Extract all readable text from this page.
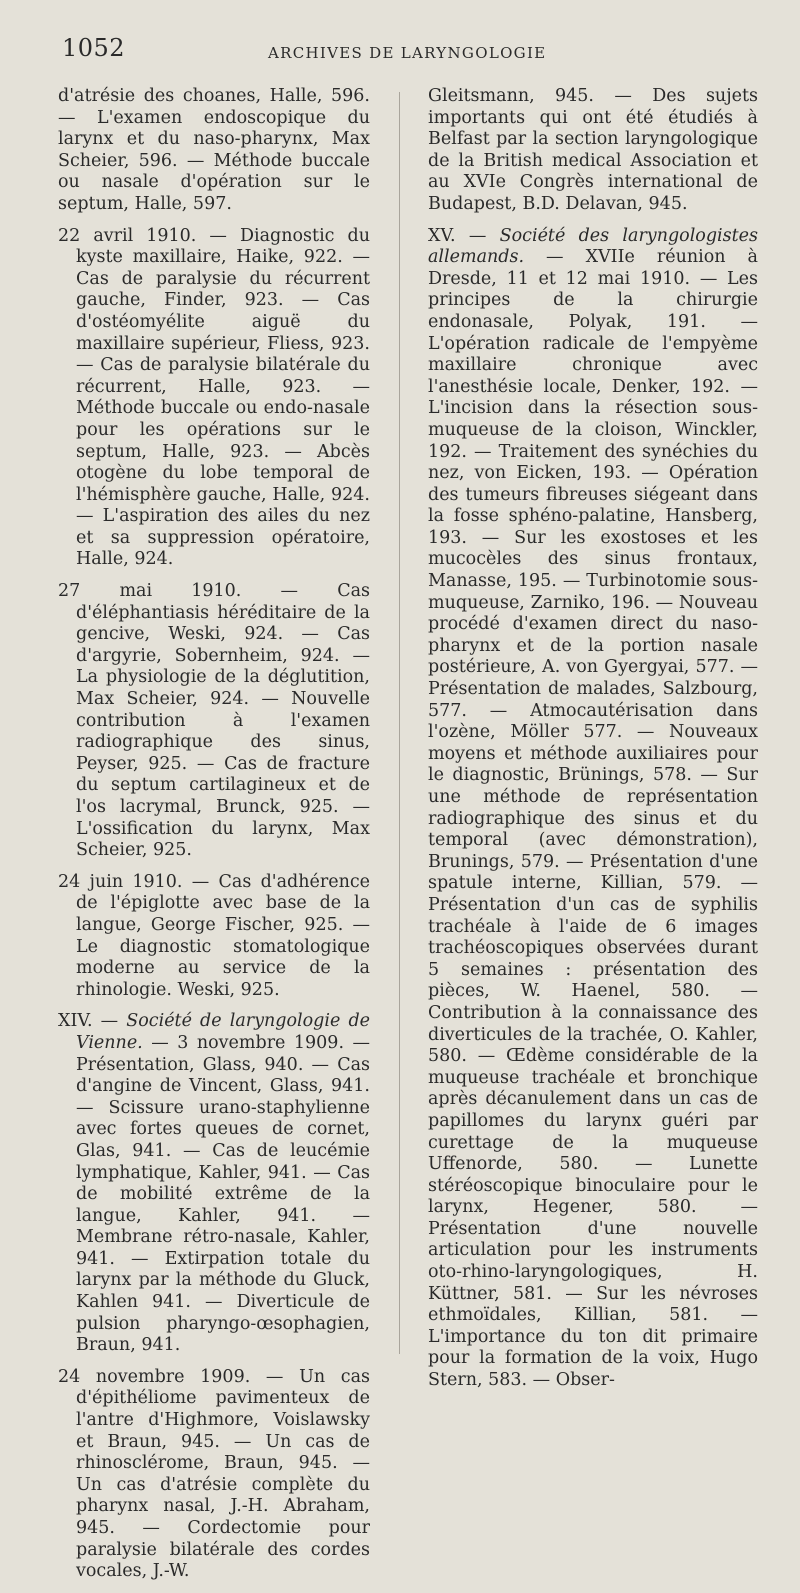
1052	ARCHIVES DE LARYNGOLOGIE

d'atrésie des choanes, Halle, 596. — L'examen endoscopique du larynx et du naso-pharynx, Max Scheier, 596. — Méthode buccale ou nasale d'opération sur le septum, Halle, 597.

22 avril 1910. — Diagnostic du kyste maxillaire, Haike, 922. — Cas de paralysie du récurrent gauche, Finder, 923. — Cas d'ostéomyélite aiguë du maxillaire supérieur, Fliess, 923. — Cas de paralysie bilatérale du récurrent, Halle, 923. — Méthode buccale ou endo-nasale pour les opérations sur le septum, Halle, 923. — Abcès otogène du lobe temporal de l'hémisphère gauche, Halle, 924. — L'aspiration des ailes du nez et sa suppression opératoire, Halle, 924.

27 mai 1910. — Cas d'éléphantiasis héréditaire de la gencive, Weski, 924. — Cas d'argyrie, Sobernheim, 924. — La physiologie de la déglutition, Max Scheier, 924. — Nouvelle contribution à l'examen radiographique des sinus, Peyser, 925. — Cas de fracture du septum cartilagineux et de l'os lacrymal, Brunck, 925. — L'ossification du larynx, Max Scheier, 925.

24 juin 1910. — Cas d'adhérence de l'épiglotte avec base de la langue, George Fischer, 925. — Le diagnostic stomatologique moderne au service de la rhinologie. Weski, 925.

XIV. — Société de laryngologie de Vienne. — 3 novembre 1909. — Présentation, Glass, 940. — Cas d'angine de Vincent, Glass, 941. — Scissure urano-staphylienne avec fortes queues de cornet, Glas, 941. — Cas de leucémie lymphatique, Kahler, 941. — Cas de mobilité extrême de la langue, Kahler, 941. — Membrane rétro-nasale, Kahler, 941. — Extirpation totale du larynx par la méthode du Gluck, Kahlen 941. — Diverticule de pulsion pharyngo-œsophagien, Braun, 941.

24 novembre 1909. — Un cas d'épithéliome pavimenteux de l'antre d'Highmore, Voislawsky et Braun, 945. — Un cas de rhinosclérome, Braun, 945. — Un cas d'atrésie complète du pharynx nasal, J.-H. Abraham, 945. — Cordectomie pour paralysie bilatérale des cordes vocales, J.-W.

Gleitsmann, 945. — Des sujets importants qui ont été étudiés à Belfast par la section laryngologique de la British medical Association et au XVIe Congrès international de Budapest, B.D. Delavan, 945.

XV. — Société des laryngologistes allemands. — XVIIe réunion à Dresde, 11 et 12 mai 1910. — Les principes de la chirurgie endonasale, Polyak, 191. — L'opération radicale de l'empyème maxillaire chronique avec l'anesthésie locale, Denker, 192. — L'incision dans la résection sous-muqueuse de la cloison, Winckler, 192. — Traitement des synéchies du nez, von Eicken, 193. — Opération des tumeurs fibreuses siégeant dans la fosse sphéno-palatine, Hansberg, 193. — Sur les exostoses et les mucocèles des sinus frontaux, Manasse, 195. — Turbinotomie sous-muqueuse, Zarniko, 196. — Nouveau procédé d'examen direct du naso-pharynx et de la portion nasale postérieure, A. von Gyergyai, 577. — Présentation de malades, Salzbourg, 577. — Atmocautérisation dans l'ozène, Möller 577. — Nouveaux moyens et méthode auxiliaires pour le diagnostic, Brünings, 578. — Sur une méthode de représentation radiographique des sinus et du temporal (avec démonstration), Brunings, 579. — Présentation d'une spatule interne, Killian, 579. — Présentation d'un cas de syphilis trachéale à l'aide de 6 images trachéoscopiques observées durant 5 semaines : présentation des pièces, W. Haenel, 580. — Contribution à la connaissance des diverticules de la trachée, O. Kahler, 580. — Œdème considérable de la muqueuse trachéale et bronchique après décanulement dans un cas de papillomes du larynx guéri par curettage de la muqueuse Uffenorde, 580. — Lunette stéréoscopique binoculaire pour le larynx, Hegener, 580. — Présentation d'une nouvelle articulation pour les instruments oto-rhino-laryngologiques, H. Küttner, 581. — Sur les névroses ethmoïdales, Killian, 581. — L'importance du ton dit primaire pour la formation de la voix, Hugo Stern, 583. — Obser-
